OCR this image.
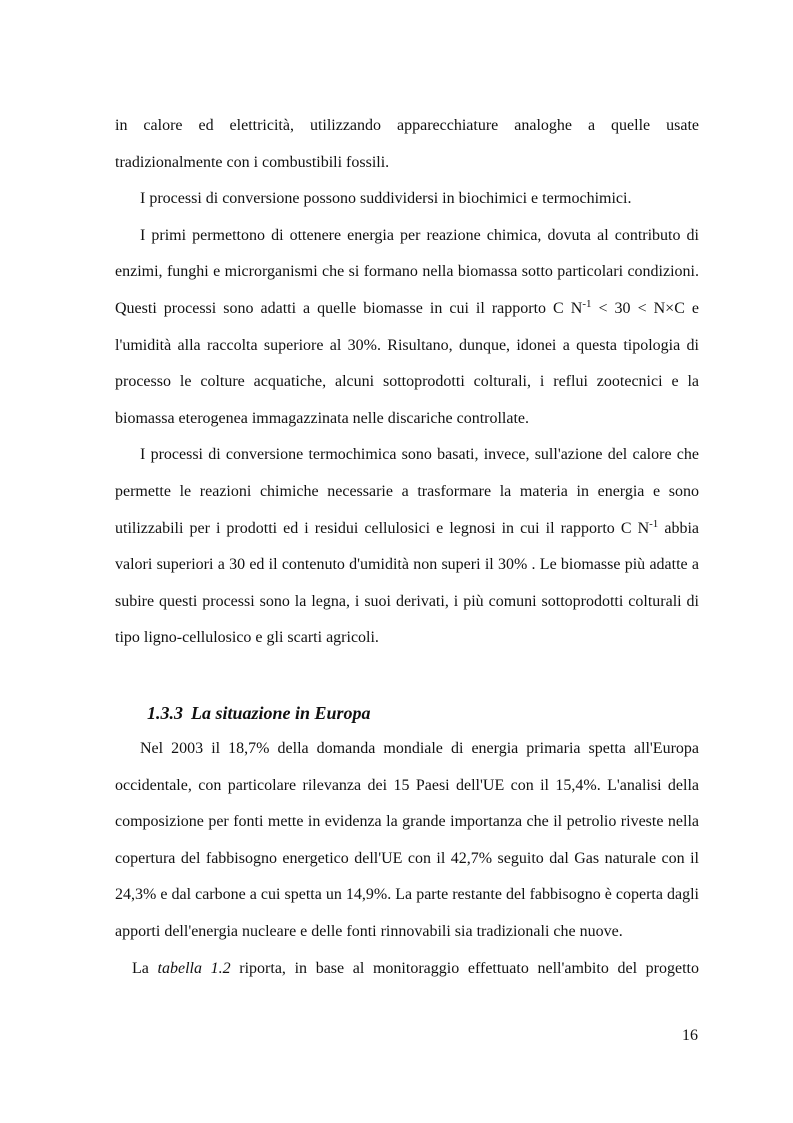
in calore ed elettricità, utilizzando apparecchiature analoghe a quelle usate tradizionalmente con i combustibili fossili.

I processi di conversione possono suddividersi in biochimici e termochimici.

I primi permettono di ottenere energia per reazione chimica, dovuta al contributo di enzimi, funghi e microrganismi che si formano nella biomassa sotto particolari condizioni. Questi processi sono adatti a quelle biomasse in cui il rapporto C $N^{-1} < 30 < N\times C$ e l'umidità alla raccolta superiore al 30%. Risultano, dunque, idonei a questa tipologia di processo le colture acquatiche, alcuni sottoprodotti colturali, i reflui zootecnici e la biomassa eterogenea immagazzinata nelle discariche controllate.

I processi di conversione termochimica sono basati, invece, sull'azione del calore che permette le reazioni chimiche necessarie a trasformare la materia in energia e sono utilizzabili per i prodotti ed i residui cellulosici e legnosi in cui il rapporto C $N^{-1}$ abbia valori superiori a 30 ed il contenuto d'umidità non superi il 30% . Le biomasse più adatte a subire questi processi sono la legna, i suoi derivati, i più comuni sottoprodotti colturali di tipo ligno-cellulosico e gli scarti agricoli.

1.3.3 La situazione in Europa

Nel 2003 il 18,7% della domanda mondiale di energia primaria spetta all'Europa occidentale, con particolare rilevanza dei 15 Paesi dell'UE con il 15,4%. L'analisi della composizione per fonti mette in evidenza la grande importanza che il petrolio riveste nella copertura del fabbisogno energetico dell'UE con il 42,7% seguito dal Gas naturale con il 24,3% e dal carbone a cui spetta un 14,9%. La parte restante del fabbisogno è coperta dagli apporti dell'energia nucleare e delle fonti rinnovabili sia tradizionali che nuove.

La tabella 1.2 riporta, in base al monitoraggio effettuato nell'ambito del progetto

16
